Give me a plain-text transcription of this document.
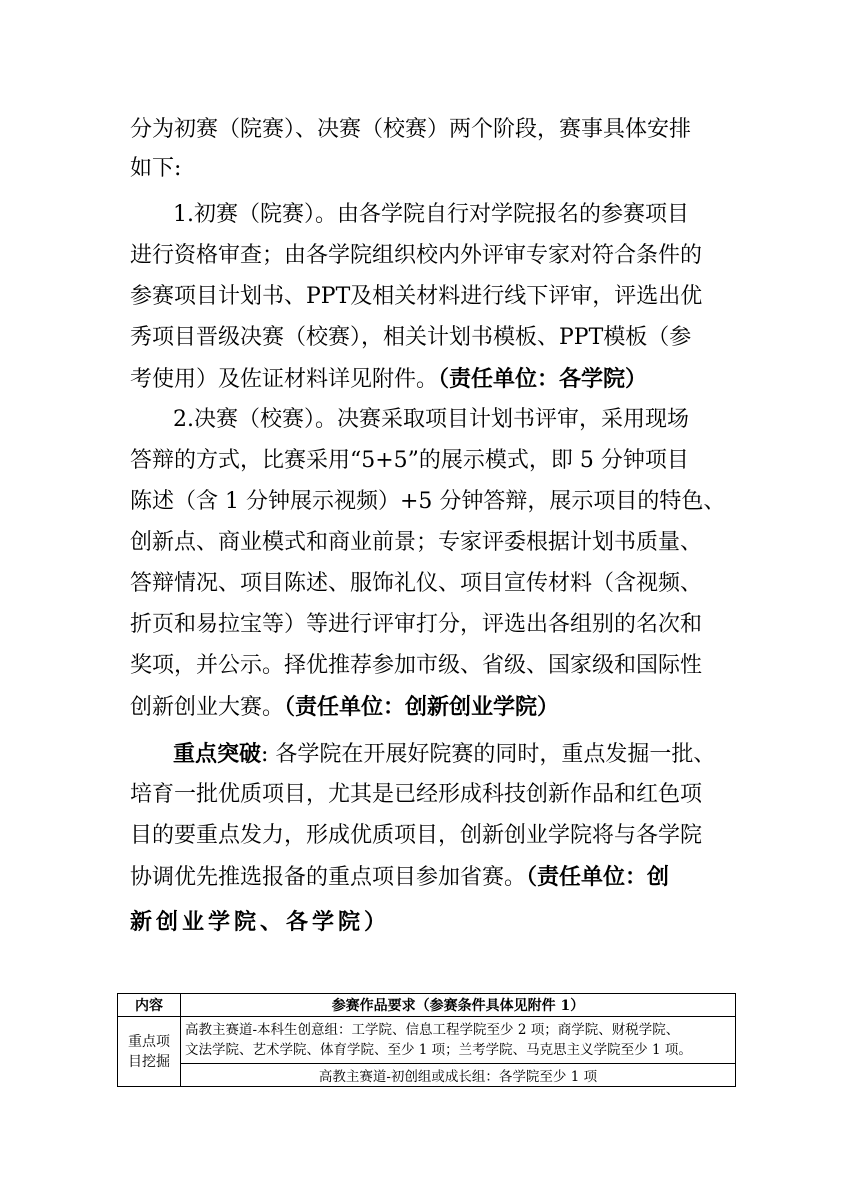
分为初赛（院赛）、决赛（校赛）两个阶段，赛事具体安排
如下:
1.初赛（院赛）。由各学院自行对学院报名的参赛项目
进行资格审查；由各学院组织校内外评审专家对符合条件的
参赛项目计划书、PPT及相关材料进行线下评审，评选出优
秀项目晋级决赛（校赛），相关计划书模板、PPT模板（参
考使用）及佐证材料详见附件。（责任单位：各学院）
2.决赛（校赛）。决赛采取项目计划书评审，采用现场
答辩的方式，比赛采用“5+5”的展示模式，即 5 分钟项目
陈述（含 1 分钟展示视频）+5 分钟答辩，展示项目的特色、
创新点、商业模式和商业前景；专家评委根据计划书质量、
答辩情况、项目陈述、服饰礼仪、项目宣传材料（含视频、
折页和易拉宝等）等进行评审打分，评选出各组别的名次和
奖项，并公示。择优推荐参加市级、省级、国家级和国际性
创新创业大赛。（责任单位：创新创业学院）
重点突破: 各学院在开展好院赛的同时，重点发掘一批、
培育一批优质项目，尤其是已经形成科技创新作品和红色项
目的要重点发力，形成优质项目，创新创业学院将与各学院
协调优先推选报备的重点项目参加省赛。（责任单位：创
新创业学院、各学院）
内容	参赛作品要求（参赛条件具体见附件 1）

重点项目挖掘	高教主赛道-本科生创意组：工学院、信息工程学院至少 2 项；商学院、财税学院、
文法学院、艺术学院、体育学院、至少 1 项；兰考学院、马克思主义学院至少 1 项。

	高教主赛道-初创组或成长组：各学院至少 1 项
